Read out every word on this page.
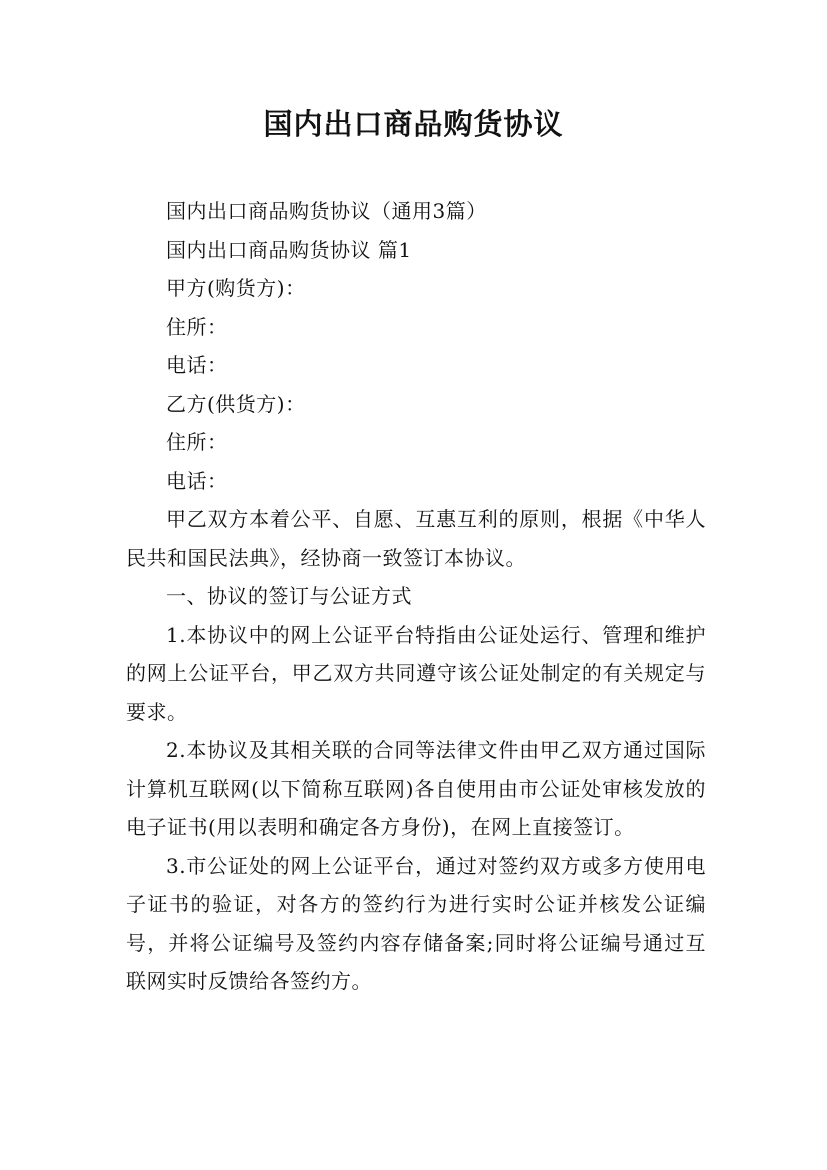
国内出口商品购货协议

国内出口商品购货协议（通用3篇）

国内出口商品购货协议 篇1

甲方(购货方)：

住所：

电话：

乙方(供货方)：

住所：

电话：

甲乙双方本着公平、自愿、互惠互利的原则，根据《中华人民共和国民法典》，经协商一致签订本协议。

一、协议的签订与公证方式

1.本协议中的网上公证平台特指由公证处运行、管理和维护的网上公证平台，甲乙双方共同遵守该公证处制定的有关规定与要求。

2.本协议及其相关联的合同等法律文件由甲乙双方通过国际计算机互联网(以下简称互联网)各自使用由市公证处审核发放的电子证书(用以表明和确定各方身份)，在网上直接签订。

3.市公证处的网上公证平台，通过对签约双方或多方使用电子证书的验证，对各方的签约行为进行实时公证并核发公证编号，并将公证编号及签约内容存储备案;同时将公证编号通过互联网实时反馈给各签约方。
